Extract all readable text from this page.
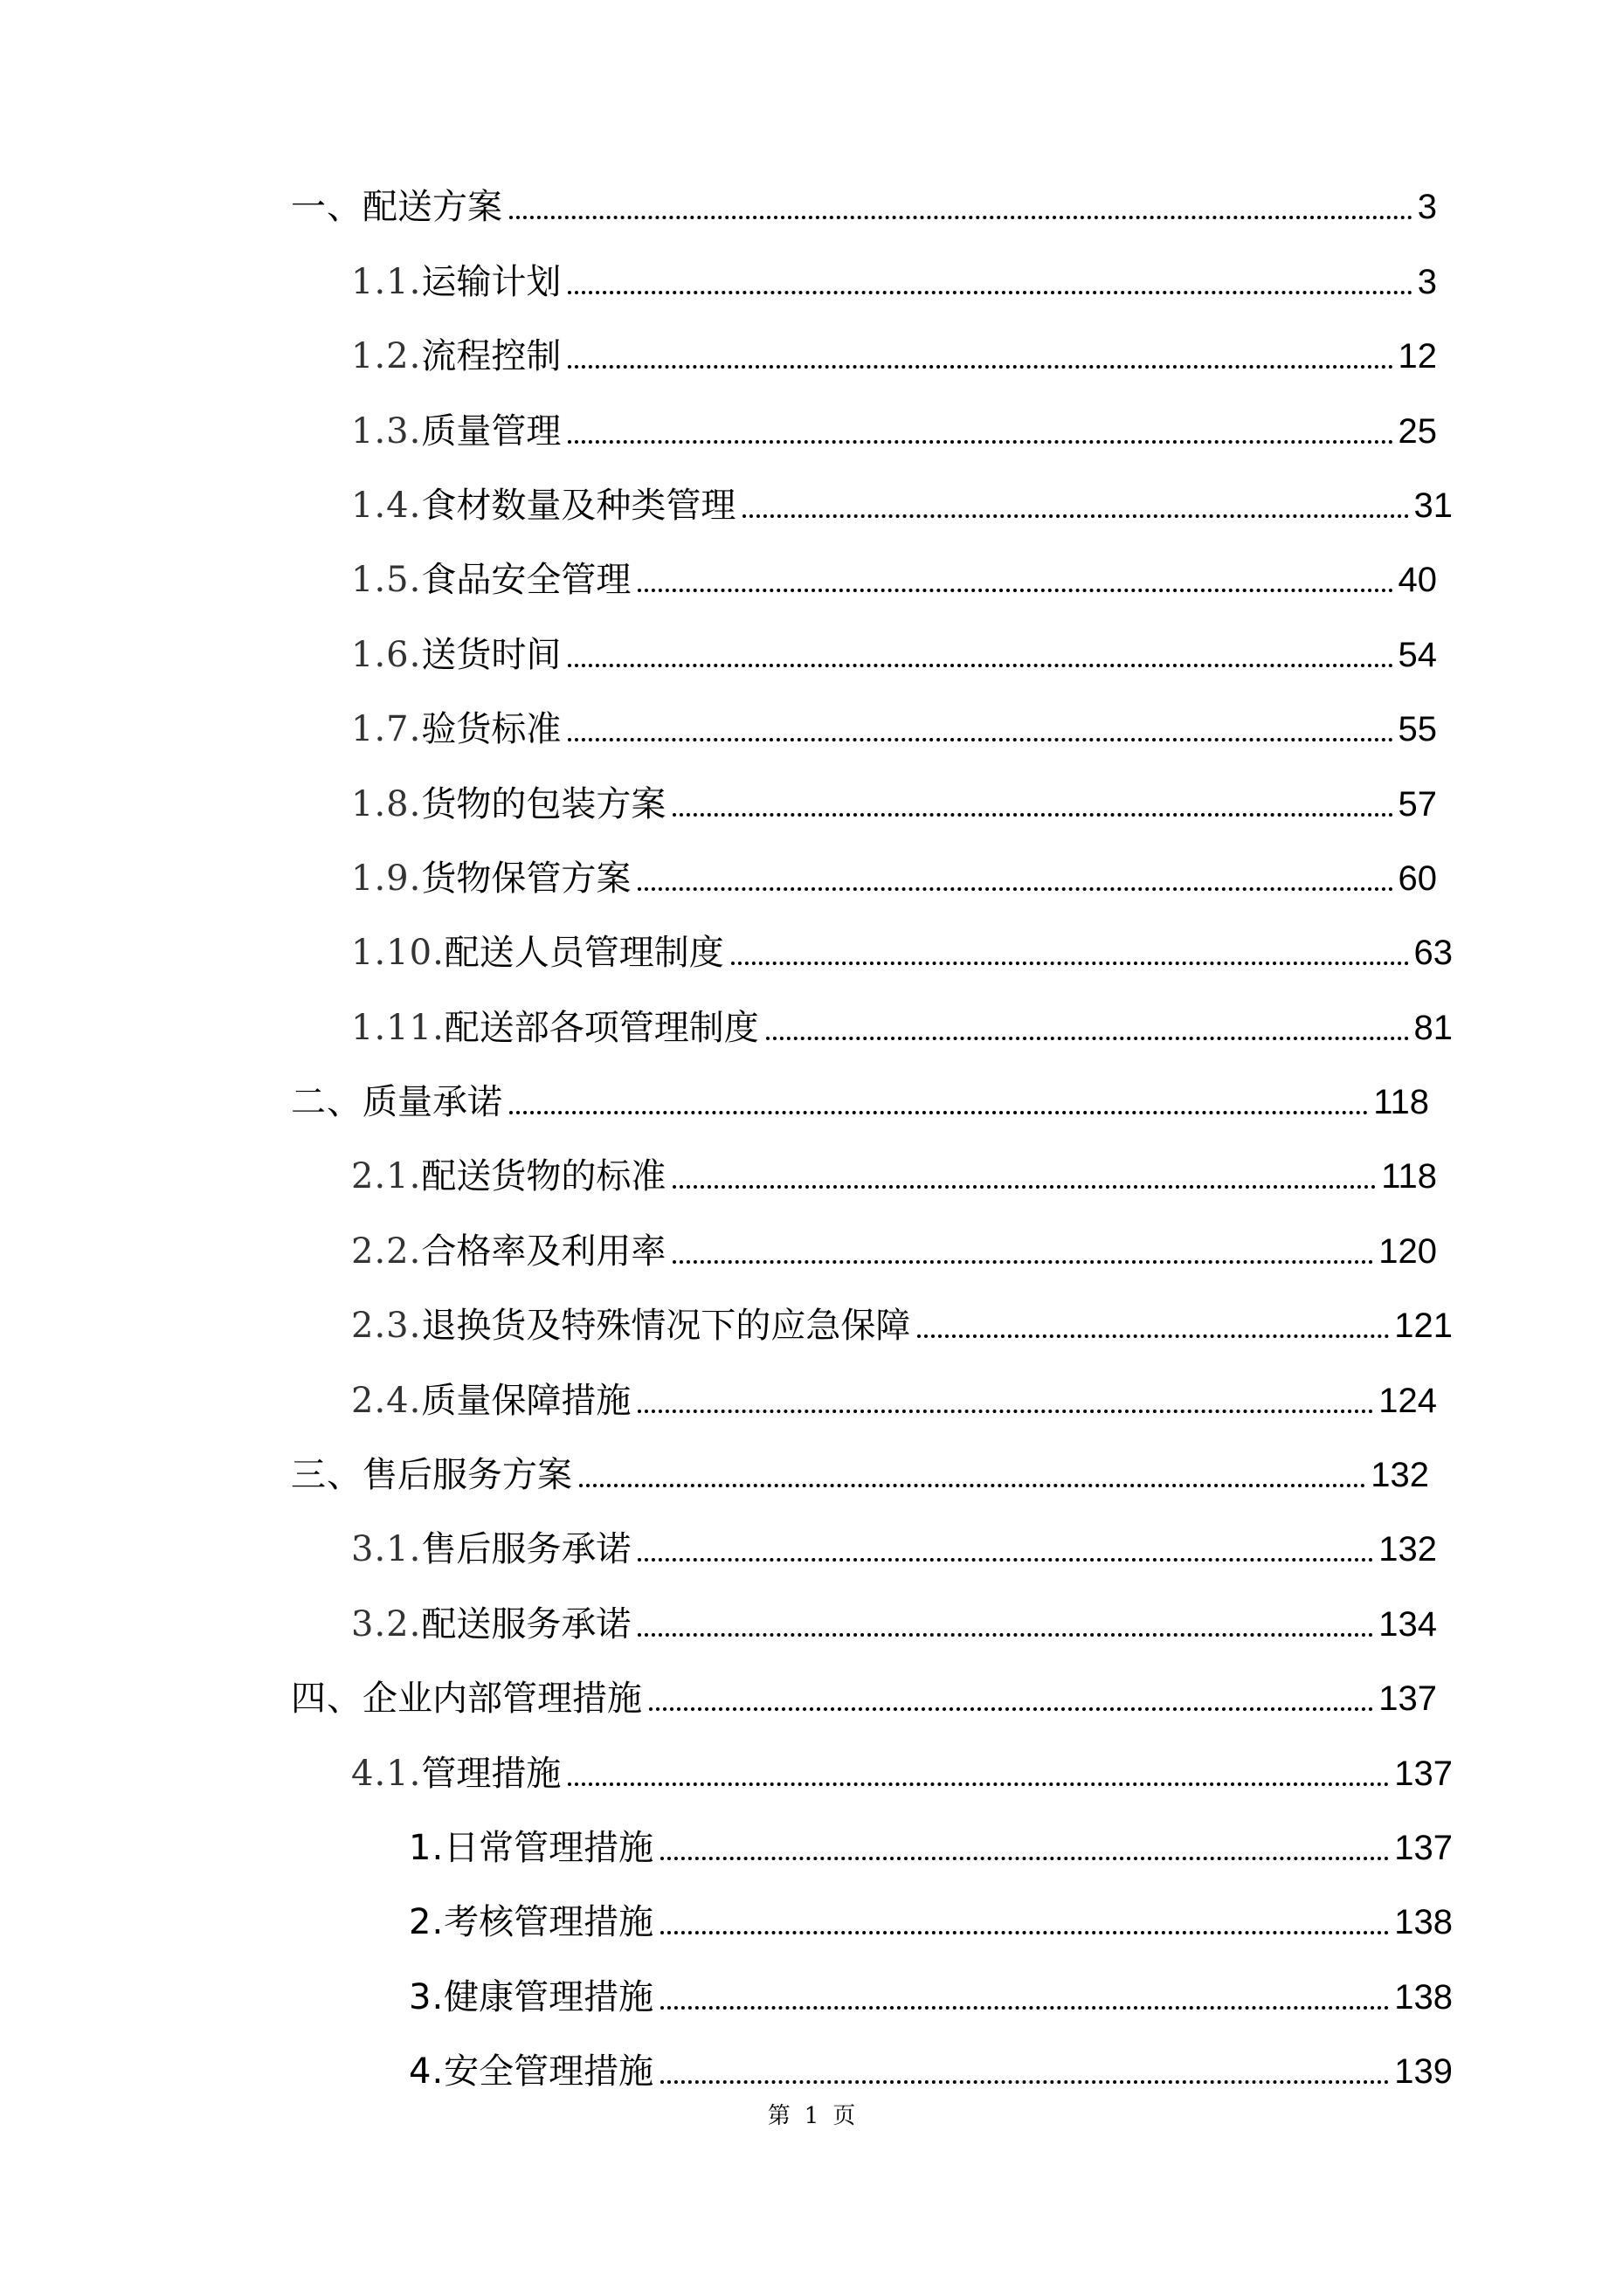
一、 配送方案	3
1.1. 运输计划	3
1.2. 流程控制	12
1.3. 质量管理	25
1.4. 食材数量及种类管理	31
1.5. 食品安全管理	40
1.6. 送货时间	54
1.7. 验货标准	55
1.8. 货物的包装方案	57
1.9. 货物保管方案	60
1.10. 配送人员管理制度	63
1.11. 配送部各项管理制度	81
二、 质量承诺	118
2.1. 配送货物的标准	118
2.2. 合格率及利用率	120
2.3. 退换货及特殊情况下的应急保障	121
2.4. 质量保障措施	124
三、 售后服务方案	132
3.1. 售后服务承诺	132
3.2. 配送服务承诺	134
四、 企业内部管理措施	137
4.1. 管理措施	137
1. 日常管理措施	137
2. 考核管理措施	138
3. 健康管理措施	138
4. 安全管理措施	139
第 1 页
